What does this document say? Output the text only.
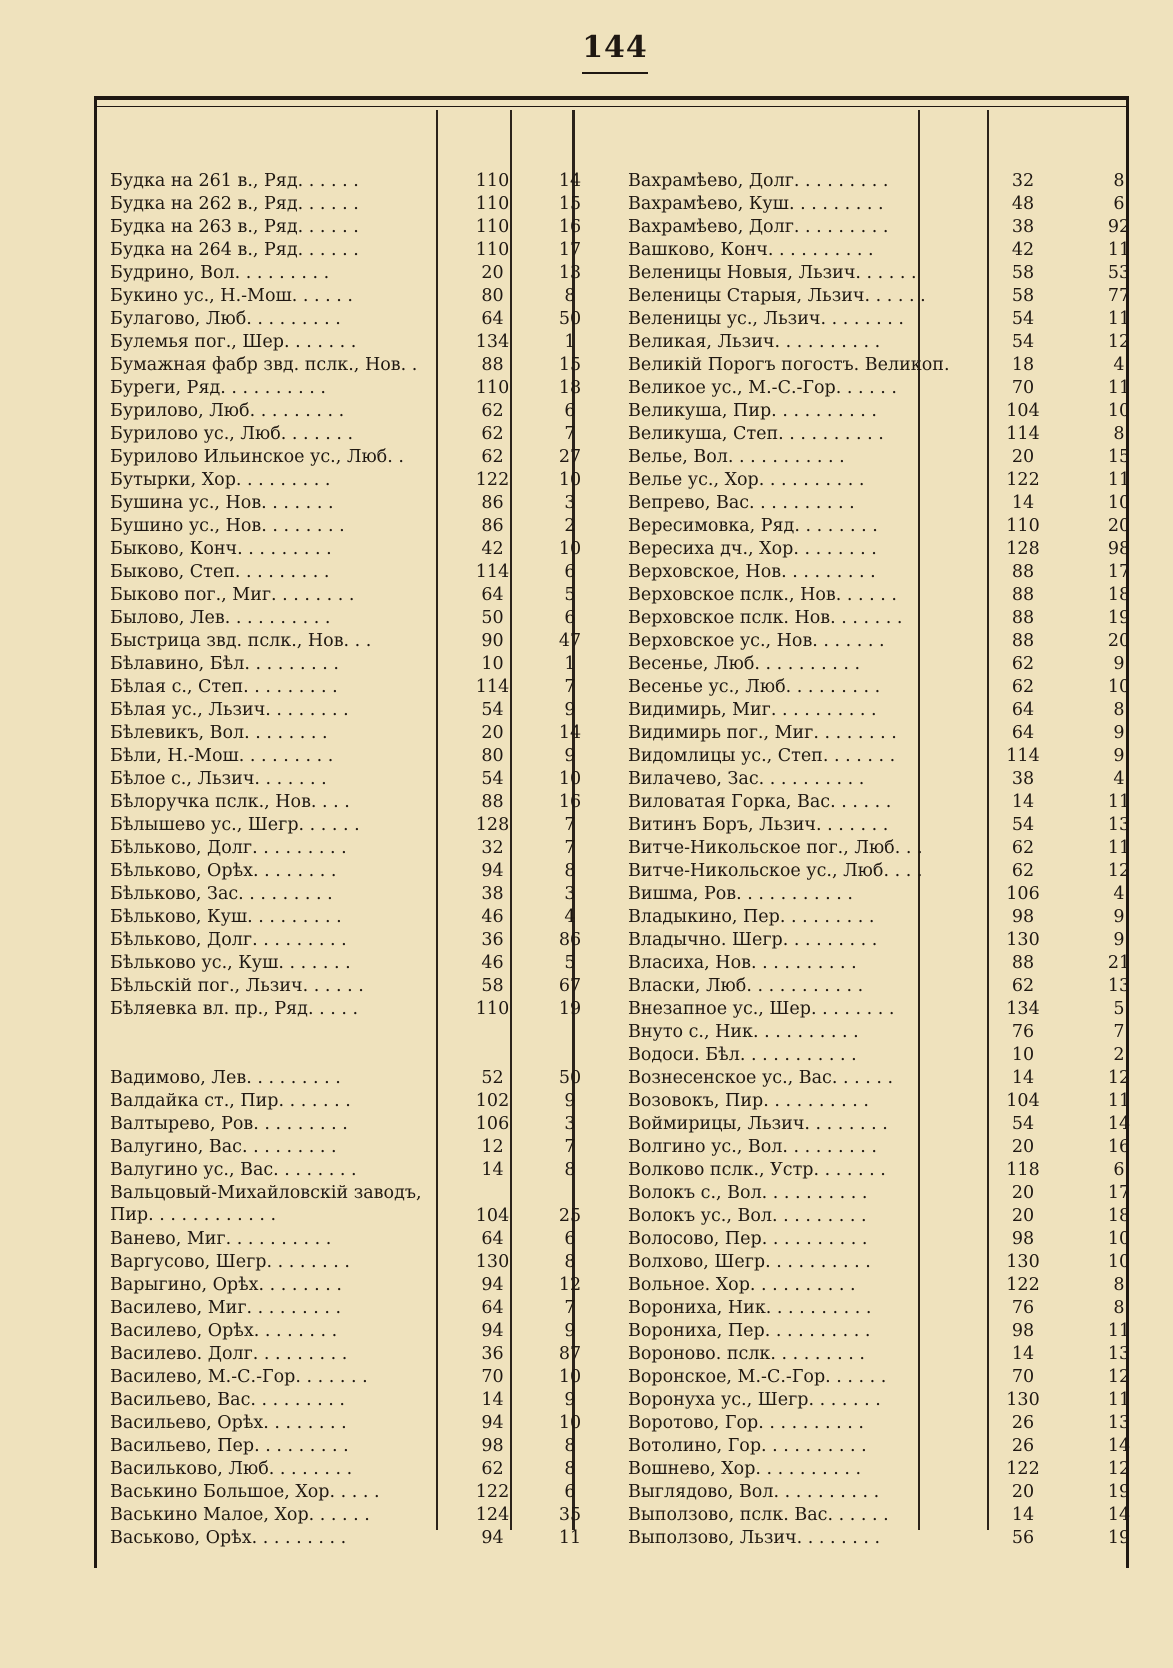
144
Будка на 261 в., Ряд. . . . . .	110	14
Будка на 262 в., Ряд. . . . . .	110	15
Будка на 263 в., Ряд. . . . . .	110	16
Будка на 264 в., Ряд. . . . . .	110	17
Будрино, Вол. . . . . . . . .	20	13
Букино ус., Н.-Мош. . . . . .	80	8
Булагово, Люб. . . . . . . . .	64	50
Булемья пог., Шер. . . . . . .	134	1
Бумажная фабр звд. пслк., Нов. .	88	15
Буреги, Ряд. . . . . . . . . .	110	18
Бурилово, Люб. . . . . . . . .	62	6
Бурилово ус., Люб. . . . . . .	62	7
Бурилово Ильинское ус., Люб. .	62	27
Бутырки, Хор. . . . . . . . .	122	10
Бушина ус., Нов. . . . . . .	86	3
Бушино ус., Нов. . . . . . . .	86	2
Быково, Конч. . . . . . . . .	42	10
Быково, Степ. . . . . . . . .	114	6
Быково пог., Миг. . . . . . . .	64	5
Былово, Лев. . . . . . . . . .	50	6
Быстрица звд. пслк., Нов. . .	90	47
Бѣлавино, Бѣл. . . . . . . . .	10	1
Бѣлая с., Степ. . . . . . . . .	114	7
Бѣлая ус., Льзич. . . . . . . .	54	9
Бѣлевикъ, Вол. . . . . . . .	20	14
Бѣли, Н.-Мош. . . . . . . . .	80	9
Бѣлое с., Льзич. . . . . . .	54	10
Бѣлоручка пслк., Нов. . . .	88	16
Бѣлышево ус., Шегр. . . . . .	128	7
Бѣльково, Долг. . . . . . . . .	32	7
Бѣльково, Орѣх. . . . . . . .	94	8
Бѣльково, Зас. . . . . . . . .	38	3
Бѣльково, Куш. . . . . . . . .	46	4
Бѣльково, Долг. . . . . . . . .	36	86
Бѣльково ус., Куш. . . . . . .	46	5
Бѣльскій пог., Льзич. . . . . .	58	67
Бѣляевка вл. пр., Ряд. . . . .	110	19
Вадимово, Лев. . . . . . . . .	52	50
Валдайка ст., Пир. . . . . . .	102	9
Валтырево, Ров. . . . . . . . .	106	3
Валугино, Вас. . . . . . . . .	12	7
Валугино ус., Вас. . . . . . . .	14	8
Вальцовый-Михайловскій заводъ, Пир. . . . . . . . . . . .	104	25
Ванево, Миг. . . . . . . . . .	64	6
Варгусово, Шегр. . . . . . . .	130	8
Варыгино, Орѣх. . . . . . . .	94	12
Василево, Миг. . . . . . . . .	64	7
Василево, Орѣх. . . . . . . .	94	9
Василево. Долг. . . . . . . . .	36	87
Василево, М.-С.-Гор. . . . . . .	70	10
Васильево, Вас. . . . . . . . .	14	9
Васильево, Орѣх. . . . . . . .	94	10
Васильево, Пер. . . . . . . . .	98	8
Васильково, Люб. . . . . . . .	62	8
Васькино Большое, Хор. . . . .	122	6
Васькино Малое, Хор. . . . . .	124	35
Васьково, Орѣх. . . . . . . . .	94	11
Вахрамѣево, Долг. . . . . . . . .	32	8
Вахрамѣево, Куш. . . . . . . . .	48	6
Вахрамѣево, Долг. . . . . . . . .	38	92
Вашково, Конч. . . . . . . . . .	42	11
Веленицы Новыя, Льзич. . . . . .	58	53
Веленицы Старыя, Льзич. . . . . .	58	77
Веленицы ус., Льзич. . . . . . . .	54	11
Великая, Льзич. . . . . . . . . .	54	12
Великій Порогъ погостъ. Великоп.	18	4
Великое ус., М.-С.-Гор. . . . . .	70	11
Великуша, Пир. . . . . . . . . .	104	10
Великуша, Степ. . . . . . . . . .	114	8
Велье, Вол. . . . . . . . . . .	20	15
Велье ус., Хор. . . . . . . . . .	122	11
Вепрево, Вас. . . . . . . . . .	14	10
Вересимовка, Ряд. . . . . . . .	110	20
Вересиха дч., Хор. . . . . . . .	128	98
Верховское, Нов. . . . . . . . .	88	17
Верховское пслк., Нов. . . . . .	88	18
Верховское пслк. Нов. . . . . . .	88	19
Верховское ус., Нов. . . . . . .	88	20
Весенье, Люб. . . . . . . . . .	62	9
Весенье ус., Люб. . . . . . . . .	62	10
Видимирь, Миг. . . . . . . . . .	64	8
Видимирь пог., Миг. . . . . . . .	64	9
Видомлицы ус., Степ. . . . . . .	114	9
Вилачево, Зас. . . . . . . . . .	38	4
Виловатая Горка, Вас. . . . . .	14	11
Витинъ Боръ, Льзич. . . . . . .	54	13
Витче-Никольское пог., Люб. . .	62	11
Витче-Никольское ус., Люб. . . .	62	12
Вишма, Ров. . . . . . . . . . .	106	4
Владыкино, Пер. . . . . . . . .	98	9
Владычно. Шегр. . . . . . . . .	130	9
Власиха, Нов. . . . . . . . . .	88	21
Власки, Люб. . . . . . . . . . .	62	13
Внезапное ус., Шер. . . . . . . .	134	5
Внуто с., Ник. . . . . . . . . .	76	7
Водоси. Бѣл. . . . . . . . . . .	10	2
Вознесенское ус., Вас. . . . . .	14	12
Возовокъ, Пир. . . . . . . . . .	104	11
Воймирицы, Льзич. . . . . . . .	54	14
Волгино ус., Вол. . . . . . . . .	20	16
Волково пслк., Устр. . . . . . .	118	6
Волокъ с., Вол. . . . . . . . . .	20	17
Волокъ ус., Вол. . . . . . . . .	20	18
Волосово, Пер. . . . . . . . . .	98	10
Волхово, Шегр. . . . . . . . . .	130	10
Вольное. Хор. . . . . . . . . .	122	8
Ворониха, Ник. . . . . . . . . .	76	8
Ворониха, Пер. . . . . . . . . .	98	11
Вороново. пслк. . . . . . . . .	14	13
Воронское, М.-С.-Гор. . . . . .	70	12
Воронуха ус., Шегр. . . . . . .	130	11
Воротово, Гор. . . . . . . . . .	26	13
Вотолино, Гор. . . . . . . . . .	26	14
Вошнево, Хор. . . . . . . . . .	122	12
Выглядово, Вол. . . . . . . . . .	20	19
Выползово, пслк. Вас. . . . . .	14	14
Выползово, Льзич. . . . . . . .	56	19
